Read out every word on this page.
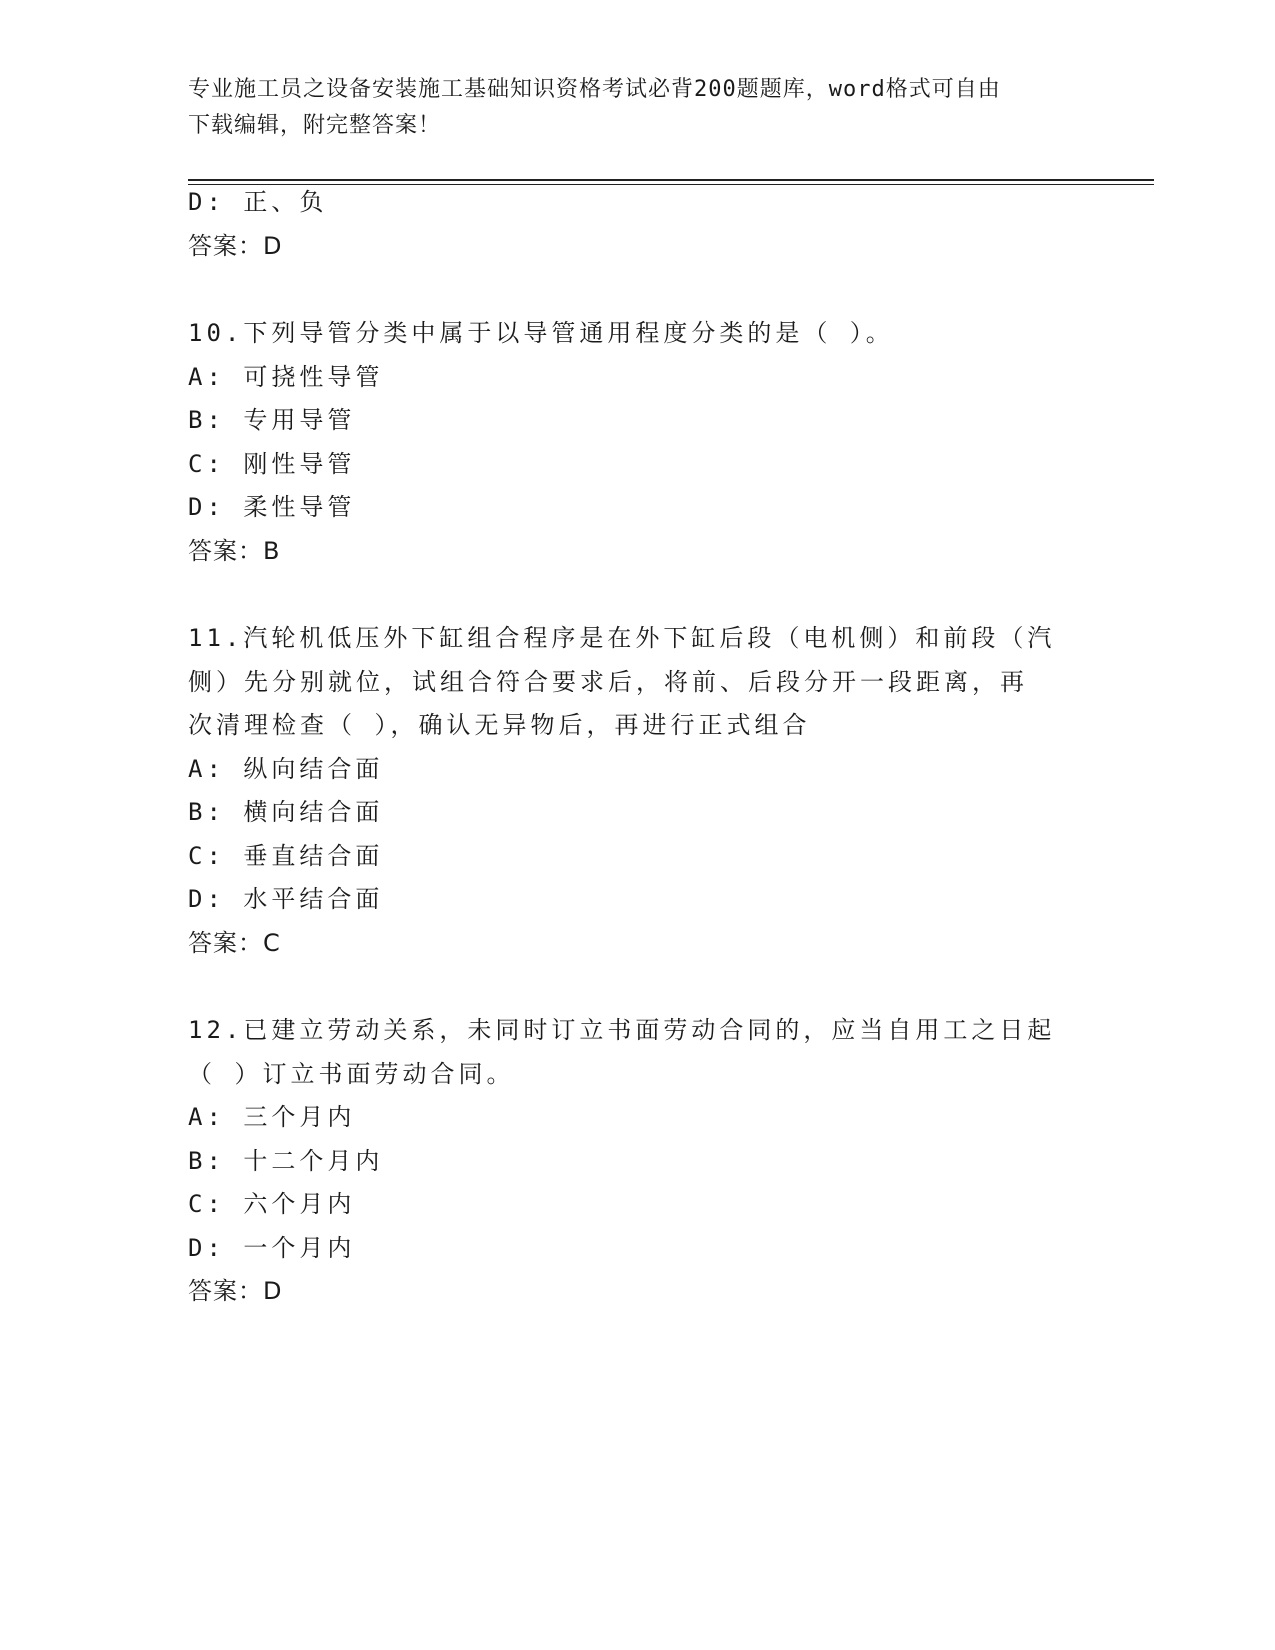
专业施工员之设备安装施工基础知识资格考试必背200题题库，word格式可自由
下载编辑，附完整答案！
D: 正、负
答案：D
10.下列导管分类中属于以导管通用程度分类的是（ ）。
A: 可挠性导管
B: 专用导管
C: 刚性导管
D: 柔性导管
答案：B
11.汽轮机低压外下缸组合程序是在外下缸后段（电机侧）和前段（汽
侧）先分别就位，试组合符合要求后，将前、后段分开一段距离，再
次清理检查（ ），确认无异物后，再进行正式组合
A: 纵向结合面
B: 横向结合面
C: 垂直结合面
D: 水平结合面
答案：C
12.已建立劳动关系，未同时订立书面劳动合同的，应当自用工之日起
（ ）订立书面劳动合同。
A: 三个月内
B: 十二个月内
C: 六个月内
D: 一个月内
答案：D
